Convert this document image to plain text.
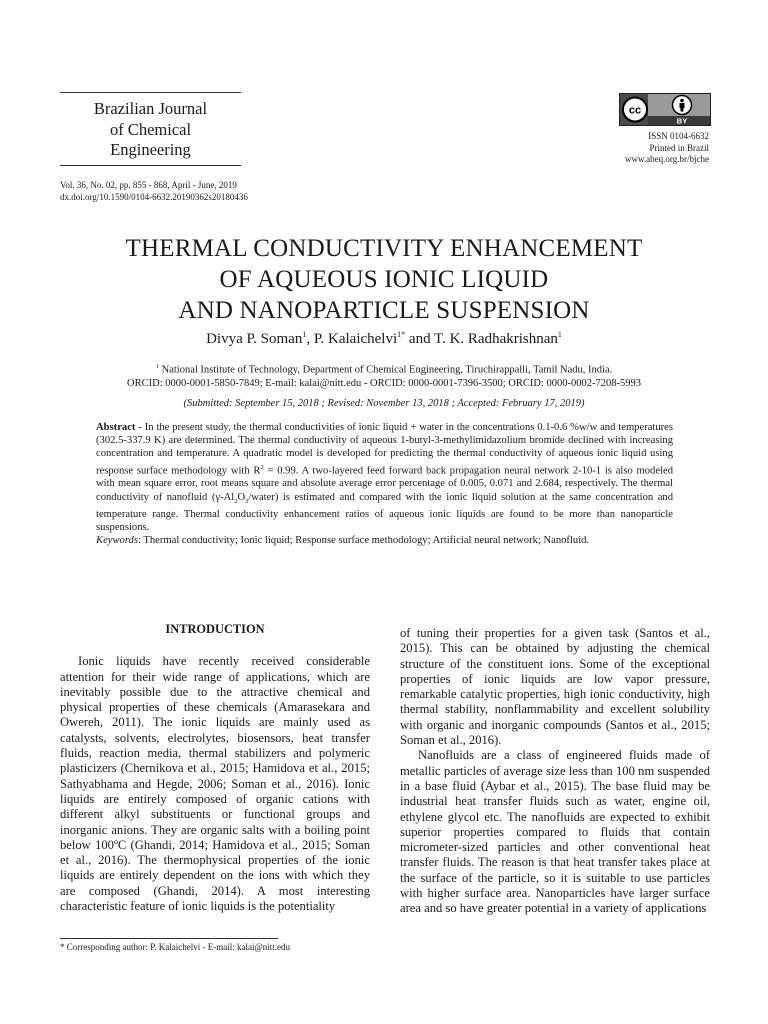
Brazilian Journal
of Chemical
Engineering
cc
BY
ISSN 0104-6632
Printed in Brazil
www.abeq.org.br/bjche
Vol. 36, No. 02, pp. 855 - 868, April - June, 2019
dx.doi.org/10.1590/0104-6632.20190362s20180436
THERMAL CONDUCTIVITY ENHANCEMENT
OF AQUEOUS IONIC LIQUID
AND NANOPARTICLE SUSPENSION
Divya P. Soman$^1$, P. Kalaichelvi$^{1*}$ and T. K. Radhakrishnan$^1$
$^1$ National Institute of Technology, Department of Chemical Engineering, Tiruchirappalli, Tamil Nadu, India.
ORCID: 0000-0001-5850-7849; E-mail: kalai@nitt.edu - ORCID: 0000-0001-7396-3500; ORCID: 0000-0002-7208-5993
(Submitted: September 15, 2018 ; Revised: November 13, 2018 ; Accepted: February 17, 2019)

Abstract - In the present study, the thermal conductivities of ionic liquid + water in the concentrations 0.1-0.6 %w/w and temperatures (302.5-337.9 K) are determined. The thermal conductivity of aqueous 1-butyl-3-methylimidazolium bromide declined with increasing concentration and temperature. A quadratic model is developed for predicting the thermal conductivity of aqueous ionic liquid using response surface methodology with $R^2 = 0.99$. A two-layered feed forward back propagation neural network 2-10-1 is also modeled with mean square error, root means square and absolute average error percentage of 0.005, 0.071 and 2.684, respectively. The thermal conductivity of nanofluid $(\gamma-Al_2O_3/water)$ is estimated and compared with the ionic liquid solution at the same concentration and temperature range. Thermal conductivity enhancement ratios of aqueous ionic liquids are found to be more than nanoparticle suspensions.

Keywords: Thermal conductivity; Ionic liquid; Response surface methodology; Artificial neural network; Nanofluid.

INTRODUCTION

Ionic liquids have recently received considerable attention for their wide range of applications, which are inevitably possible due to the attractive chemical and physical properties of these chemicals (Amarasekara and Owereh, 2011). The ionic liquids are mainly used as catalysts, solvents, electrolytes, biosensors, heat transfer fluids, reaction media, thermal stabilizers and polymeric plasticizers (Chernikova et al., 2015; Hamidova et al., 2015; Sathyabhama and Hegde, 2006; Soman et al., 2016). Ionic liquids are entirely composed of organic cations with different alkyl substituents or functional groups and inorganic anions. They are organic salts with a boiling point below 100ºC (Ghandi, 2014; Hamidova et al., 2015; Soman et al., 2016). The thermophysical properties of the ionic liquids are entirely dependent on the ions with which they are composed (Ghandi, 2014). A most interesting characteristic feature of ionic liquids is the potentiality

of tuning their properties for a given task (Santos et al., 2015). This can be obtained by adjusting the chemical structure of the constituent ions. Some of the exceptional properties of ionic liquids are low vapor pressure, remarkable catalytic properties, high ionic conductivity, high thermal stability, nonflammability and excellent solubility with organic and inorganic compounds (Santos et al., 2015; Soman et al., 2016).

Nanofluids are a class of engineered fluids made of metallic particles of average size less than 100 nm suspended in a base fluid (Aybar et al., 2015). The base fluid may be industrial heat transfer fluids such as water, engine oil, ethylene glycol etc. The nanofluids are expected to exhibit superior properties compared to fluids that contain micrometer-sized particles and other conventional heat transfer fluids. The reason is that heat transfer takes place at the surface of the particle, so it is suitable to use particles with higher surface area. Nanoparticles have larger surface area and so have greater potential in a variety of applications

* Corresponding author: P. Kalaichelvi - E-mail: kalai@nitt.edu
